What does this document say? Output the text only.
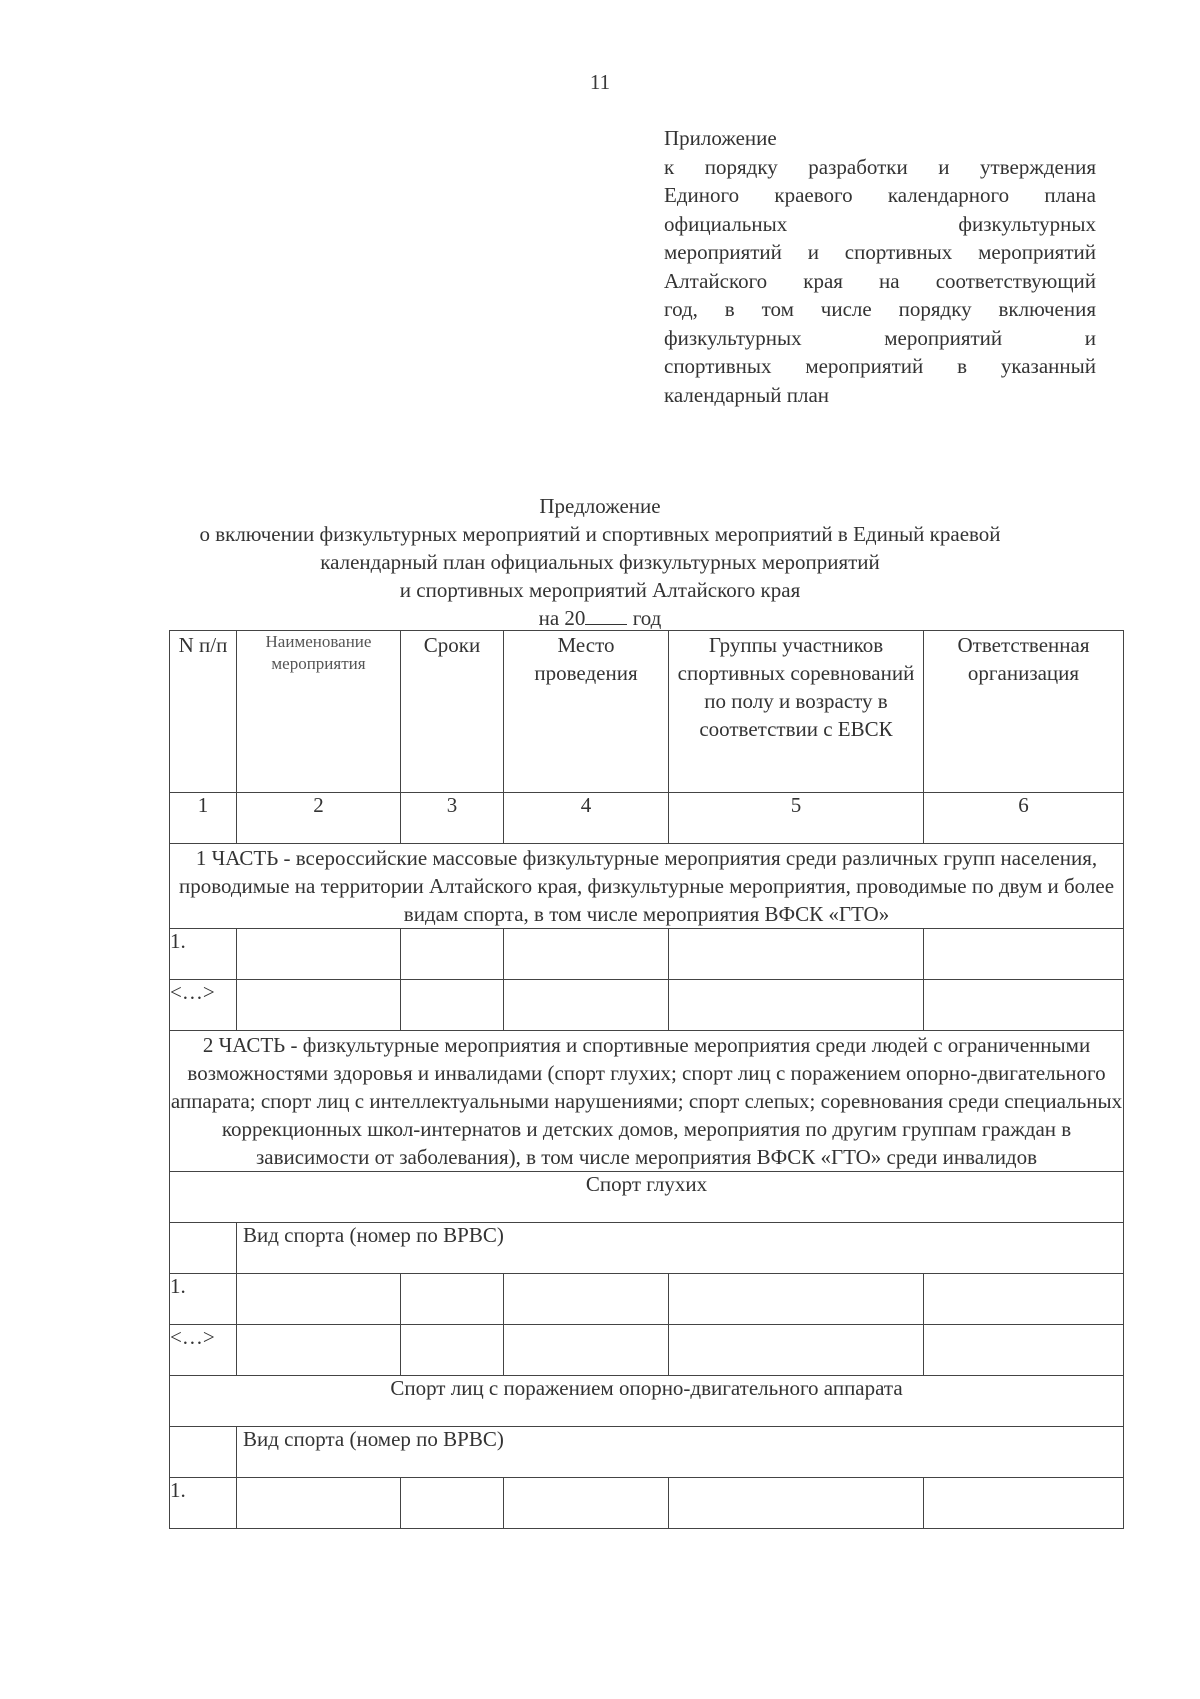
11
Приложение
к порядку разработки и утверждения
Единого краевого календарного плана
официальных физкультурных
мероприятий и спортивных мероприятий
Алтайского края на соответствующий
год, в том числе порядку включения
физкультурных мероприятий и
спортивных мероприятий в указанный
календарный план
Предложение
о включении физкультурных мероприятий и спортивных мероприятий в Единый краевой
календарный план официальных физкультурных мероприятий
и спортивных мероприятий Алтайского края
на 20 год
N п/п	Наименование мероприятия	Сроки	Место проведения	Группы участников спортивных соревнований по полу и возрасту в соответствии с ЕВСК	Ответственная организация
1	2	3	4	5	6
1 ЧАСТЬ - всероссийские массовые физкультурные мероприятия среди различных групп населения, проводимые на территории Алтайского края, физкультурные мероприятия, проводимые по двум и более видам спорта, в том числе мероприятия ВФСК «ГТО»					
1.					
<…>					
2 ЧАСТЬ - физкультурные мероприятия и спортивные мероприятия среди людей с ограниченными возможностями здоровья и инвалидами (спорт глухих; спорт лиц с поражением опорно-двигательного аппарата; спорт лиц с интеллектуальными нарушениями; спорт слепых; соревнования среди специальных коррекционных школ-интернатов и детских домов, мероприятия по другим группам граждан в зависимости от заболевания), в том числе мероприятия ВФСК «ГТО» среди инвалидов					
Спорт глухих					
	Вид спорта (номер по ВРВС)				
1.					
<…>					
Спорт лиц с поражением опорно-двигательного аппарата					
	Вид спорта (номер по ВРВС)				
1.					
